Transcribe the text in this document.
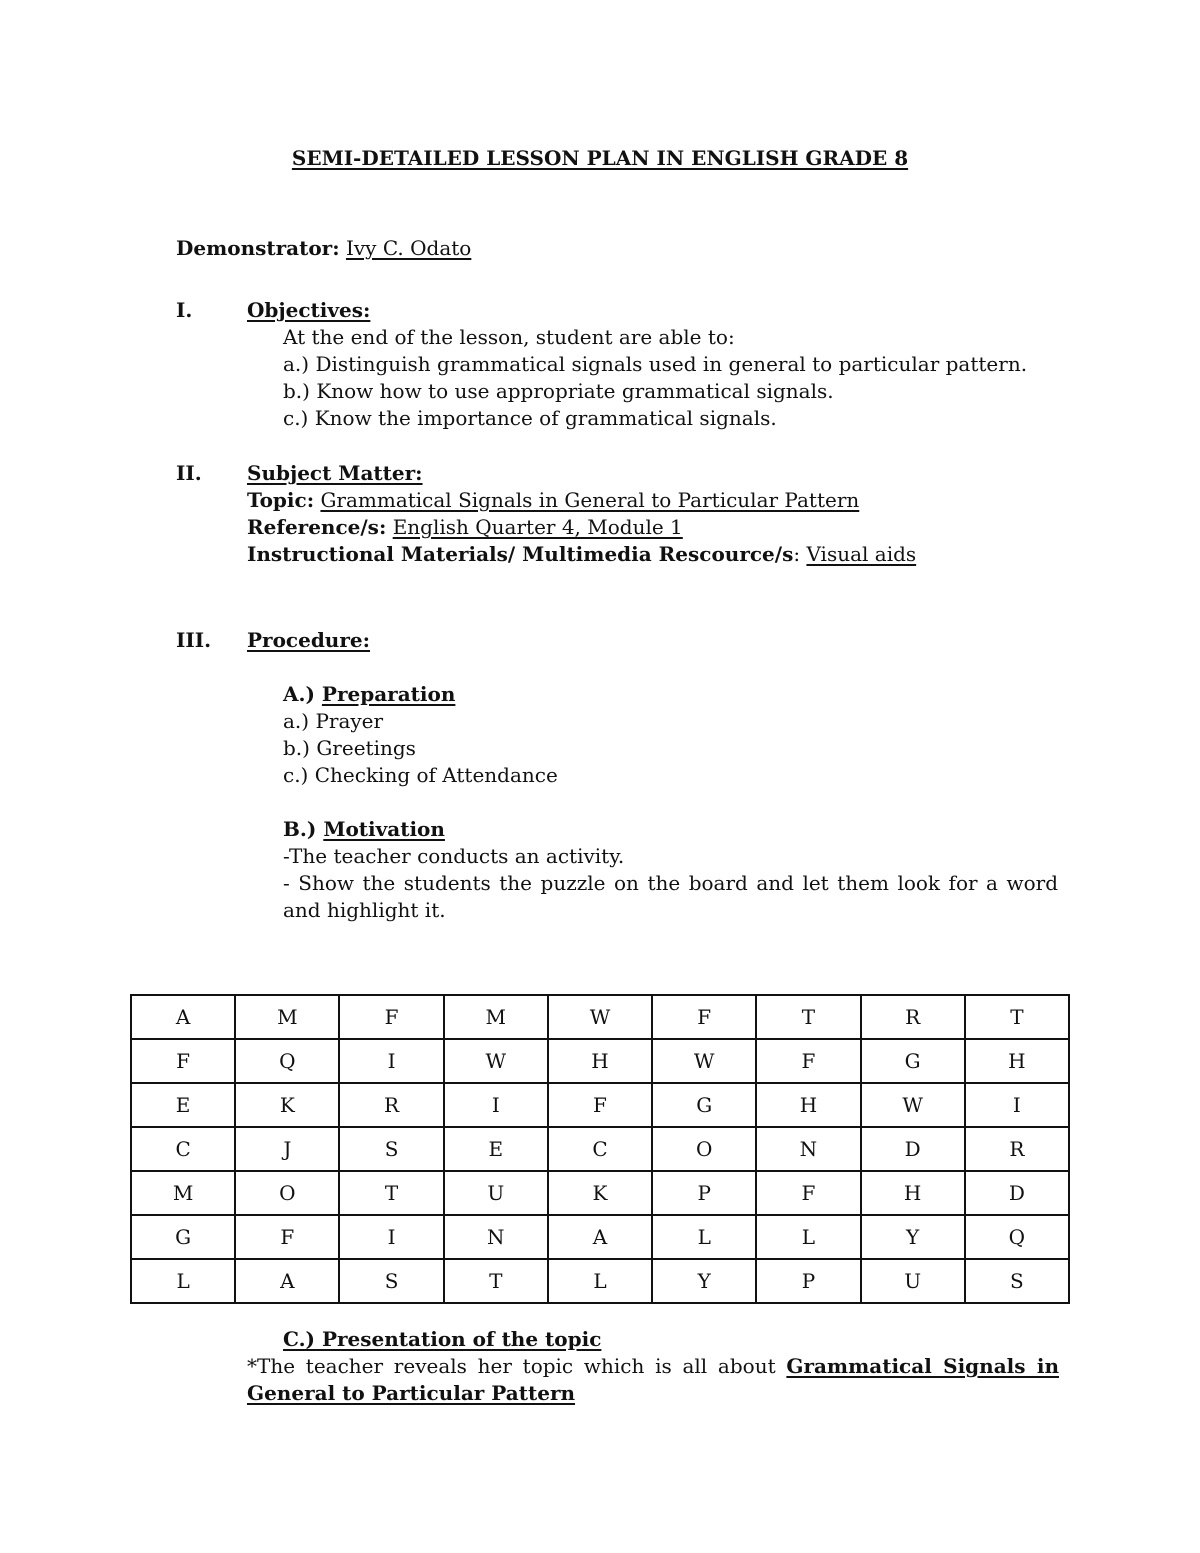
SEMI-DETAILED LESSON PLAN IN ENGLISH GRADE 8
Demonstrator: Ivy C. Odato
I.	Objectives:
At the end of the lesson, student are able to:
a.) Distinguish grammatical signals used in general to particular pattern.
b.) Know how to use appropriate grammatical signals.
c.) Know the importance of grammatical signals.
II. Subject Matter:
Topic: Grammatical Signals in General to Particular Pattern
Reference/s: English Quarter 4, Module 1
Instructional Materials/ Multimedia Rescource/s: Visual aids
III. Procedure:
A.) Preparation
a.) Prayer
b.) Greetings
c.) Checking of Attendance
B.) Motivation
-The teacher conducts an activity.
- Show the students the puzzle on the board and let them look for a word and highlight it.
A	M	F	M	W	F	T	R	T
F	Q	I	W	H	W	F	G	H
E	K	R	I	F	G	H	W	I
C	J	S	E	C	O	N	D	R
M	O	T	U	K	P	F	H	D
G	F	I	N	A	L	L	Y	Q
L	A	S	T	L	Y	P	U	S
C.) Presentation of the topic
*The teacher reveals her topic which is all about Grammatical Signals in General to Particular Pattern
